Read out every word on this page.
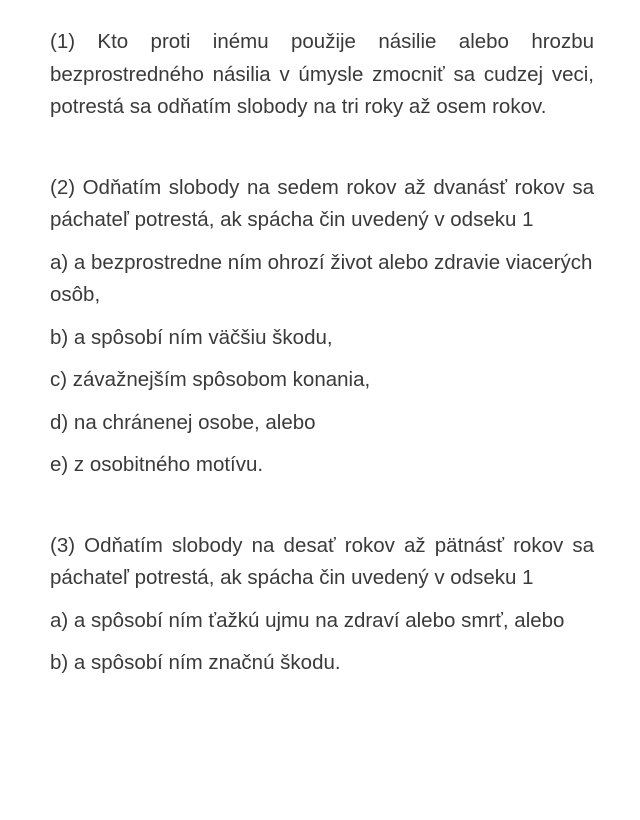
(1) Kto proti inému použije násilie alebo hrozbu bezprostredného násilia v úmysle zmocniť sa cudzej veci, potrestá sa odňatím slobody na tri roky až osem rokov.

(2) Odňatím slobody na sedem rokov až dvanásť rokov sa páchateľ potrestá, ak spácha čin uvedený v odseku 1

a) a bezprostredne ním ohrozí život alebo zdravie viacerých osôb,

b) a spôsobí ním väčšiu škodu,

c) závažnejším spôsobom konania,

d) na chránenej osobe, alebo

e) z osobitného motívu.

(3) Odňatím slobody na desať rokov až pätnásť rokov sa páchateľ potrestá, ak spácha čin uvedený v odseku 1

a) a spôsobí ním ťažkú ujmu na zdraví alebo smrť, alebo

b) a spôsobí ním značnú škodu.
